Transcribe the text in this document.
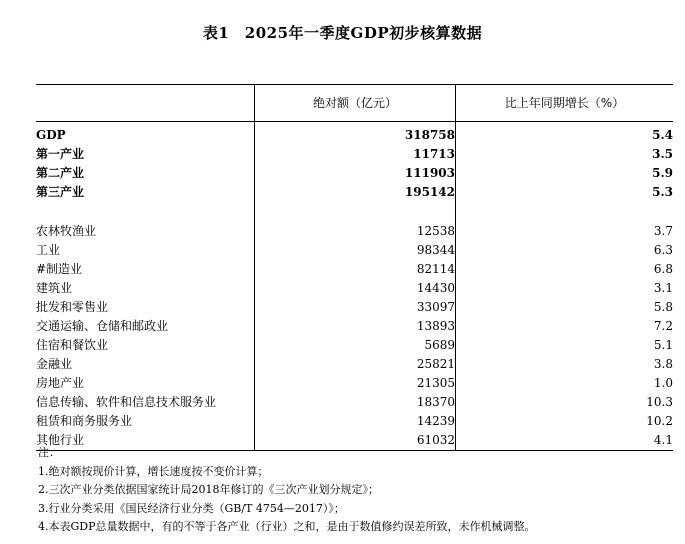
表1　2025年一季度GDP初步核算数据
	绝对额（亿元）	比上年同期增长（%）
GDP	318758	5.4
第一产业	11713	3.5
第二产业	111903	5.9
第三产业	195142	5.3

农林牧渔业	12538	3.7
工业	98344	6.3
#制造业	82114	6.8
建筑业	14430	3.1
批发和零售业	33097	5.8
交通运输、仓储和邮政业	13893	7.2
住宿和餐饮业	5689	5.1
金融业	25821	3.8
房地产业	21305	1.0
信息传输、软件和信息技术服务业	18370	10.3
租赁和商务服务业	14239	10.2
其他行业	61032	4.1
注：
1.绝对额按现价计算，增长速度按不变价计算；
2.三次产业分类依据国家统计局2018年修订的《三次产业划分规定》；
3.行业分类采用《国民经济行业分类（GB/T 4754—2017）》；
4.本表GDP总量数据中，有的不等于各产业（行业）之和，是由于数值修约误差所致，未作机械调整。
